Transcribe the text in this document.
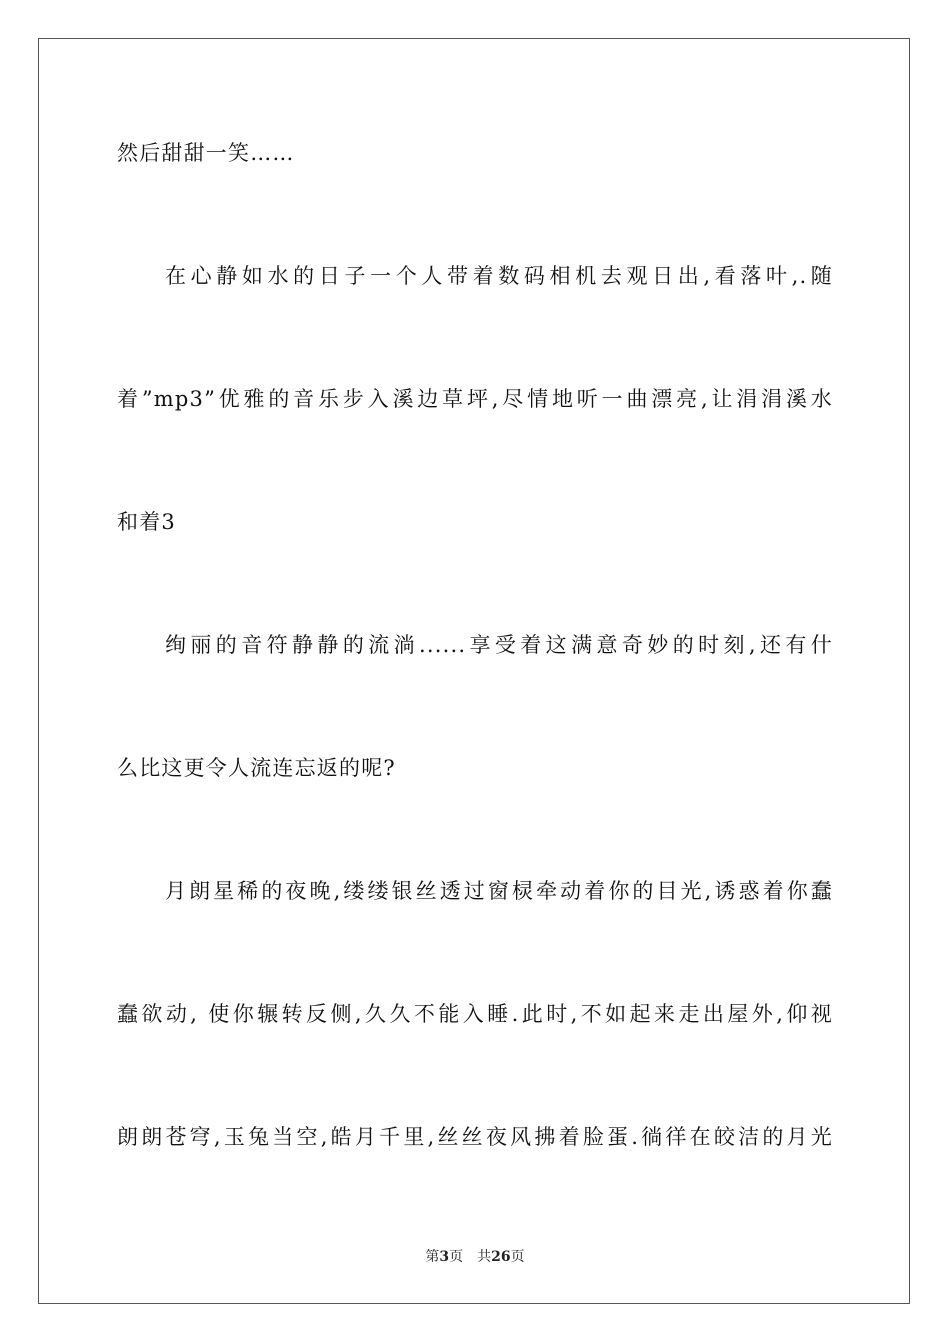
然后甜甜一笑……
在心静如水的日子一个人带着数码相机去观日出,看落叶,.随
着”mp3”优雅的音乐步入溪边草坪,尽情地听一曲漂亮,让涓涓溪水
和着3
绚丽的音符静静的流淌......享受着这满意奇妙的时刻,还有什
么比这更令人流连忘返的呢?
月朗星稀的夜晚,缕缕银丝透过窗棂牵动着你的目光,诱惑着你蠢
蠢欲动, 使你辗转反侧,久久不能入睡.此时,不如起来走出屋外,仰视
朗朗苍穹,玉兔当空,皓月千里,丝丝夜风拂着脸蛋.徜徉在皎洁的月光
第3页 共26页
